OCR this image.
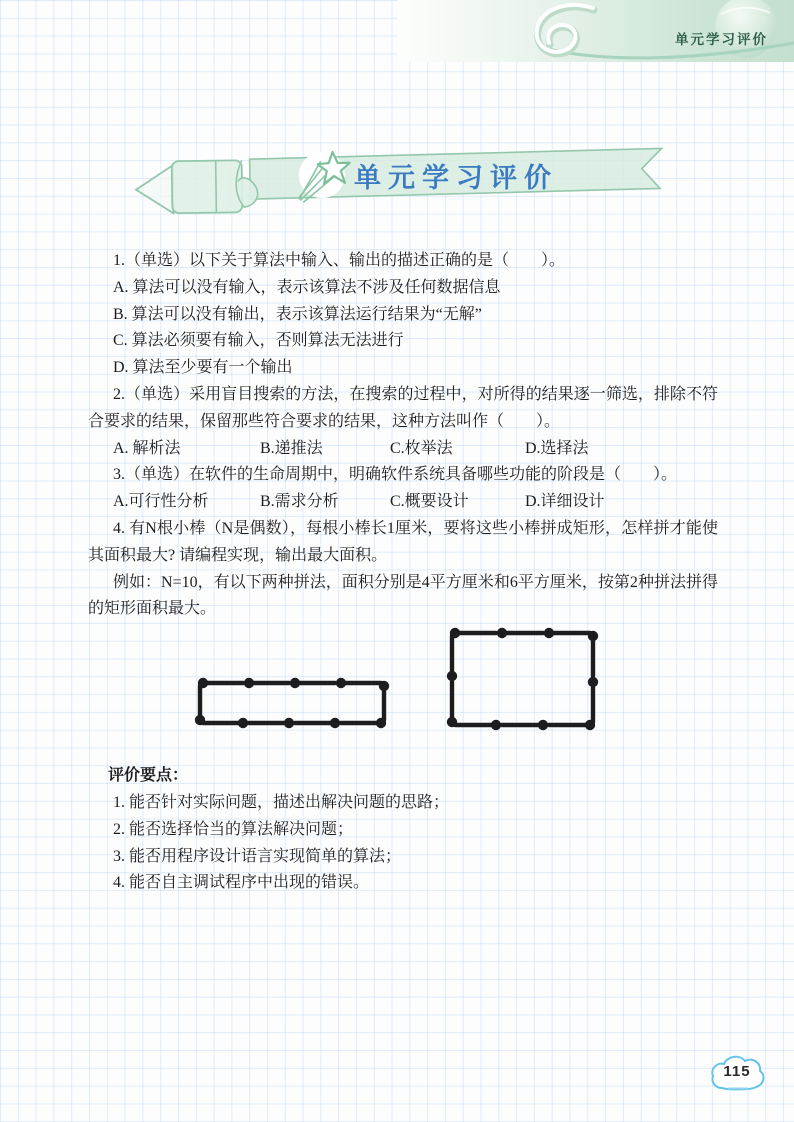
单元学习评价
单元学习评价

1.（单选）以下关于算法中输入、输出的描述正确的是（　　）。

A. 算法可以没有输入，表示该算法不涉及任何数据信息

B. 算法可以没有输出，表示该算法运行结果为“无解”

C. 算法必须要有输入，否则算法无法进行

D. 算法至少要有一个输出

2.（单选）采用盲目搜索的方法，在搜索的过程中，对所得的结果逐一筛选，排除不符合要求的结果，保留那些符合要求的结果，这种方法叫作（　　）。

A. 解析法	B.递推法	C.枚举法	D.选择法

3.（单选）在软件的生命周期中，明确软件系统具备哪些功能的阶段是（　　）。

A.可行性分析	B.需求分析	C.概要设计	D.详细设计

4. 有N根小棒（N是偶数），每根小棒长1厘米，要将这些小棒拼成矩形，怎样拼才能使其面积最大? 请编程实现，输出最大面积。

例如：N=10，有以下两种拼法，面积分别是4平方厘米和6平方厘米，按第2种拼法拼得的矩形面积最大。

评价要点：

1. 能否针对实际问题，描述出解决问题的思路；

2. 能否选择恰当的算法解决问题；

3. 能否用程序设计语言实现简单的算法；

4. 能否自主调试程序中出现的错误。

115
